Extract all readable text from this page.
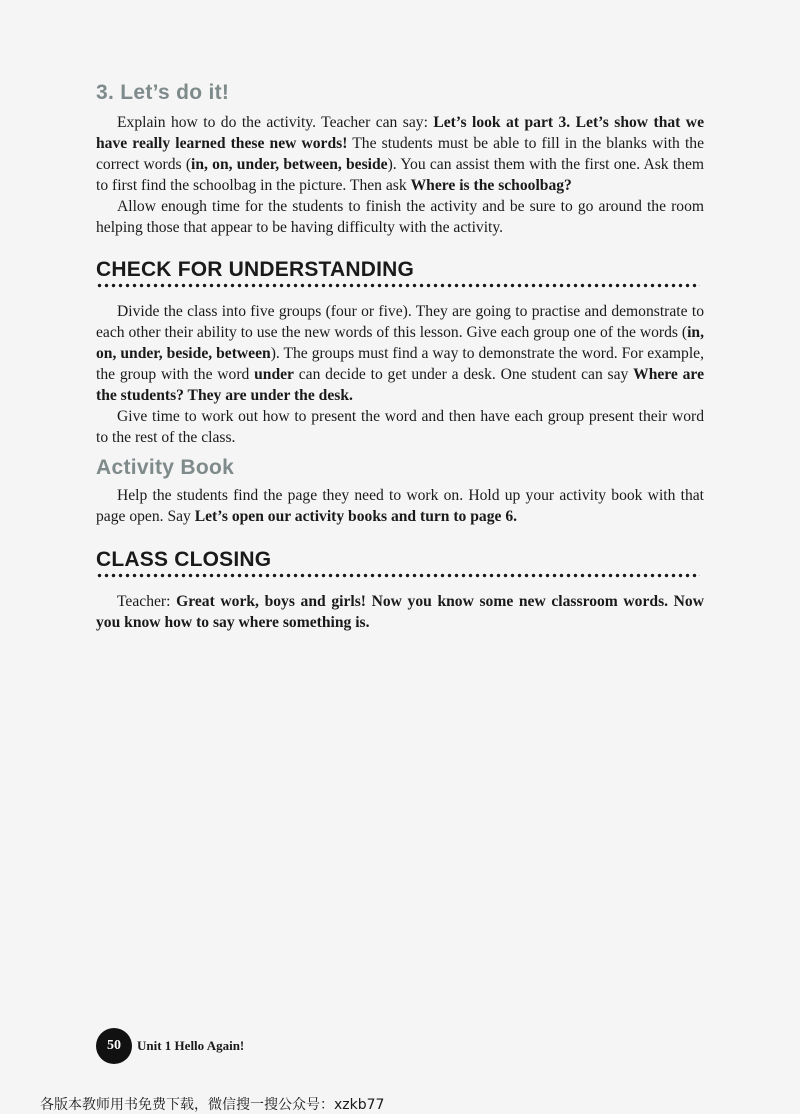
3. Let’s do it!

Explain how to do the activity. Teacher can say: Let’s look at part 3. Let’s show that we have really learned these new words! The students must be able to fill in the blanks with the correct words (in, on, under, between, beside). You can assist them with the first one. Ask them to first find the schoolbag in the picture. Then ask Where is the schoolbag?

Allow enough time for the students to finish the activity and be sure to go around the room helping those that appear to be having difficulty with the activity.

CHECK FOR UNDERSTANDING

Divide the class into five groups (four or five). They are going to practise and demonstrate to each other their ability to use the new words of this lesson. Give each group one of the words (in, on, under, beside, between). The groups must find a way to demonstrate the word. For example, the group with the word under can decide to get under a desk. One student can say Where are the students? They are under the desk.

Give time to work out how to present the word and then have each group present their word to the rest of the class.

Activity Book

Help the students find the page they need to work on. Hold up your activity book with that page open. Say Let’s open our activity books and turn to page 6.

CLASS CLOSING

Teacher: Great work, boys and girls! Now you know some new classroom words. Now you know how to say where something is.

50	Unit 1 Hello Again!
各版本教师用书免费下载，微信搜一搜公众号：xzkb77
